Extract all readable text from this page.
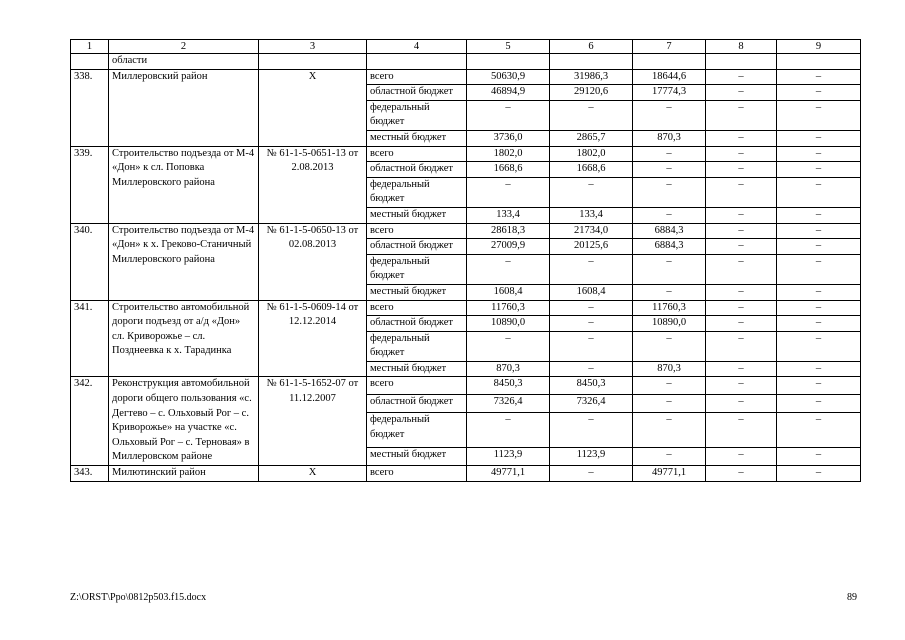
1	2	3	4	5	6	7	8	9
	области							
338.	Миллеровский район	X	всего	50630,9	31986,3	18644,6	–	–
			областной бюджет	46894,9	29120,6	17774,3	–	–
			федеральный бюджет	–	–	–	–	–
			местный бюджет	3736,0	2865,7	870,3	–	–
339.	Строительство подъезда от М-4 «Дон» к сл. Поповка Миллеровского района	№ 61-1-5-0651-13 от 2.08.2013	всего	1802,0	1802,0	–	–	–
			областной бюджет	1668,6	1668,6	–	–	–
			федеральный бюджет	–	–	–	–	–
			местный бюджет	133,4	133,4	–	–	–
340.	Строительство подъезда от М-4 «Дон» к х. Греково-Станичный Миллеровского района	№ 61-1-5-0650-13 от 02.08.2013	всего	28618,3	21734,0	6884,3	–	–
			областной бюджет	27009,9	20125,6	6884,3	–	–
			федеральный бюджет	–	–	–	–	–
			местный бюджет	1608,4	1608,4	–	–	–
341.	Строительство автомобильной дороги подъезд от а/д «Дон» сл. Криворожье – сл. Позднеевка к х. Тарадинка	№ 61-1-5-0609-14 от 12.12.2014	всего	11760,3	–	11760,3	–	–
			областной бюджет	10890,0	–	10890,0	–	–
			федеральный бюджет	–	–	–	–	–
			местный бюджет	870,3	–	870,3	–	–
342.	Реконструкция автомобильной дороги общего пользования «с. Дегтево – с. Ольховый Рог – с. Криворожье» на участке «с. Ольховый Рог – с. Терновая» в Миллеровском районе	№ 61-1-5-1652-07 от 11.12.2007	всего	8450,3	8450,3	–	–	–
			областной бюджет	7326,4	7326,4	–	–	–
			федеральный бюджет	–	–	–	–	–
			местный бюджет	1123,9	1123,9	–	–	–
343.	Милютинский район	X	всего	49771,1	–	49771,1	–	–
Z:\ORST\Ppo\0812p503.f15.docx	89
